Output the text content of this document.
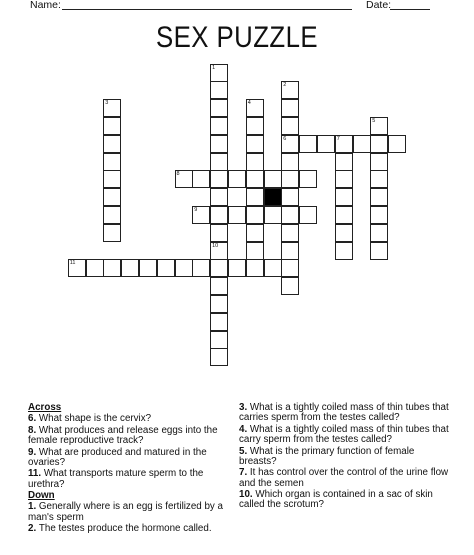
Name:	Date:
SEX PUZZLE
1
10
2
6
3	4
5
7
8
9
11

Across

6. What shape is the cervix?

8. What produces and release eggs into the female reproductive track?

9. What are produced and matured in the ovaries?

11. What transports mature sperm to the urethra?

Down

1. Generally where is an egg is fertilized by a man's sperm

2. The testes produce the hormone called.

3. What is a tightly coiled mass of thin tubes that carries sperm from the testes called?

4. What is a tightly coiled mass of thin tubes that carry sperm from the testes called?

5. What is the primary function of female breasts?

7. It has control over the control of the urine flow and the semen

10. Which organ is contained in a sac of skin called the scrotum?
